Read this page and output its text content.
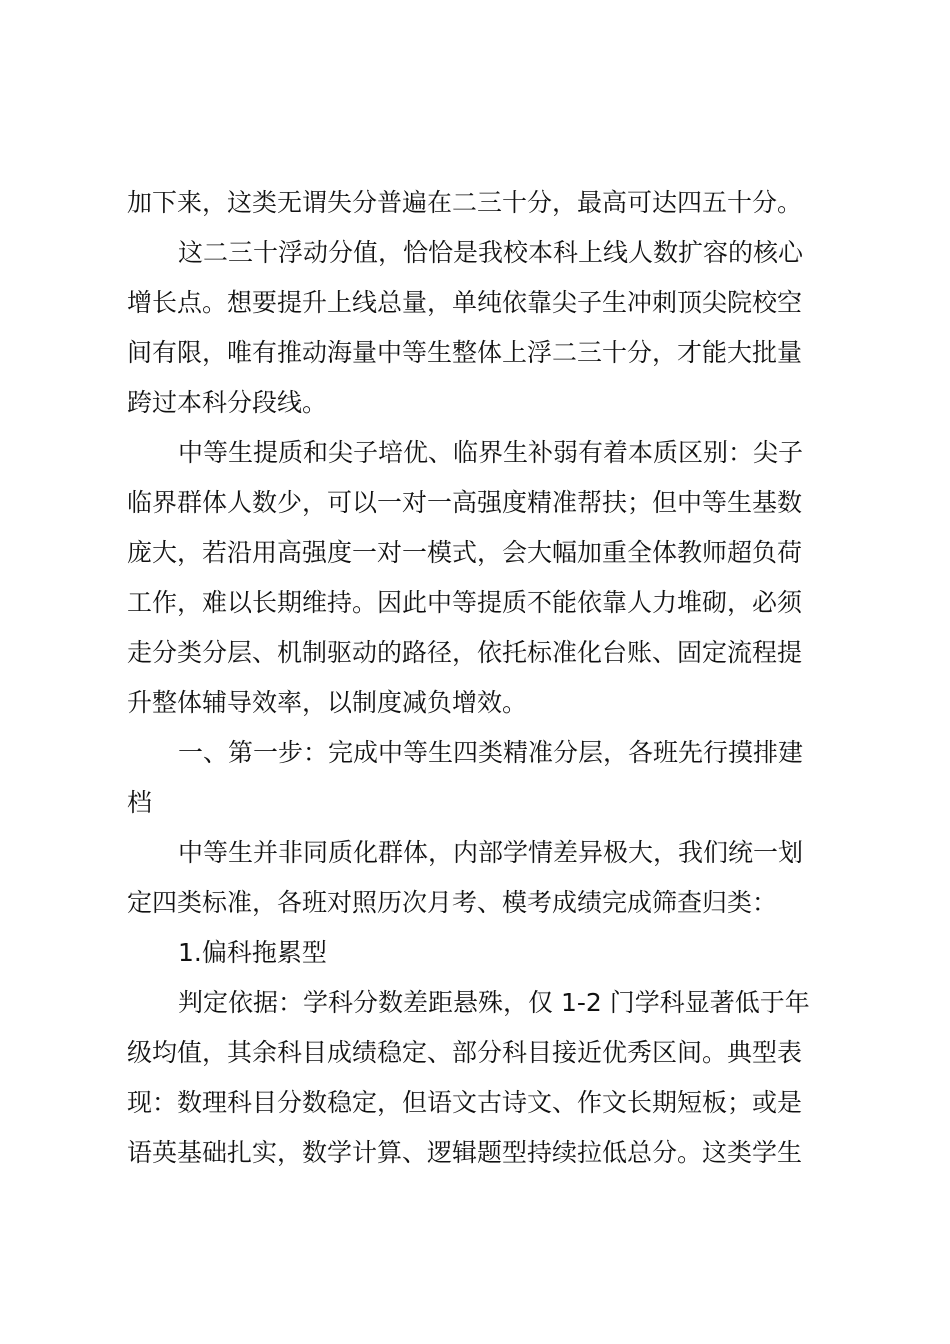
加下来，这类无谓失分普遍在二三十分，最高可达四五十分。
这二三十浮动分值，恰恰是我校本科上线人数扩容的核心
增长点。想要提升上线总量，单纯依靠尖子生冲刺顶尖院校空
间有限，唯有推动海量中等生整体上浮二三十分，才能大批量
跨过本科分段线。
中等生提质和尖子培优、临界生补弱有着本质区别：尖子
临界群体人数少，可以一对一高强度精准帮扶；但中等生基数
庞大，若沿用高强度一对一模式，会大幅加重全体教师超负荷
工作，难以长期维持。因此中等提质不能依靠人力堆砌，必须
走分类分层、机制驱动的路径，依托标准化台账、固定流程提
升整体辅导效率，以制度减负增效。
一、第一步：完成中等生四类精准分层，各班先行摸排建
档
中等生并非同质化群体，内部学情差异极大，我们统一划
定四类标准，各班对照历次月考、模考成绩完成筛查归类：
1.偏科拖累型
判定依据：学科分数差距悬殊，仅 1-2 门学科显著低于年
级均值，其余科目成绩稳定、部分科目接近优秀区间。典型表
现：数理科目分数稳定，但语文古诗文、作文长期短板；或是
语英基础扎实，数学计算、逻辑题型持续拉低总分。这类学生
